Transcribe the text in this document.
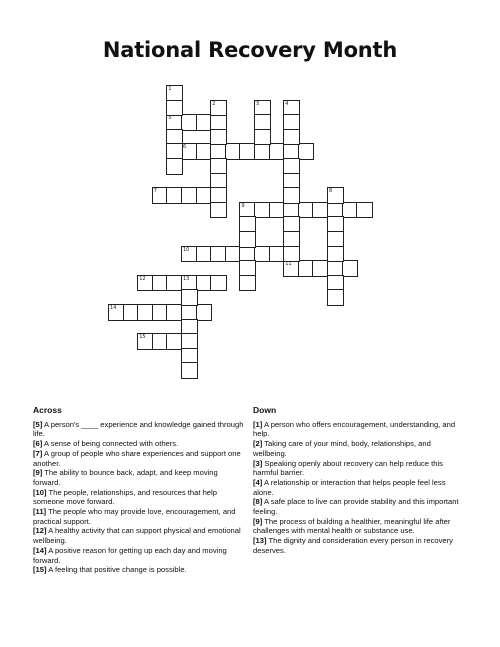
National Recovery Month
1
2	3	4
5
6
7	8
9
10
11
12	13
14
15
Across

[5] A person's ____ experience and knowledge gained through life.

[6] A sense of being connected with others.

[7] A group of people who share experiences and support one another.

[9] The ability to bounce back, adapt, and keep moving forward.

[10] The people, relationships, and resources that help someone move forward.

[11] The people who may provide love, encouragement, and practical support.

[12] A healthy activity that can support physical and emotional wellbeing.

[14] A positive reason for getting up each day and moving forward.

[15] A feeling that positive change is possible.

Down

[1] A person who offers encouragement, understanding, and help.

[2] Taking care of your mind, body, relationships, and wellbeing.

[3] Speaking openly about recovery can help reduce this harmful barrier.

[4] A relationship or interaction that helps people feel less alone.

[8] A safe place to live can provide stability and this important feeling.

[9] The process of building a healthier, meaningful life after challenges with mental health or substance use.

[13] The dignity and consideration every person in recovery deserves.
